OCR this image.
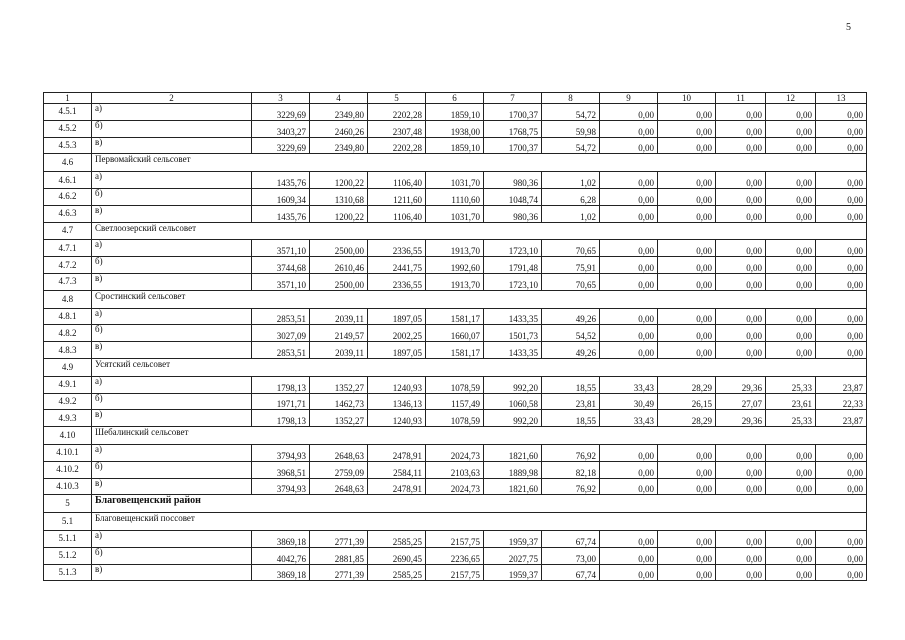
5
1	2	3	4	5	6	7	8	9	10	11	12	13
4.5.1	а)	3229,69	2349,80	2202,28	1859,10	1700,37	54,72	0,00	0,00	0,00	0,00	0,00
4.5.2	б)	3403,27	2460,26	2307,48	1938,00	1768,75	59,98	0,00	0,00	0,00	0,00	0,00
4.5.3	в)	3229,69	2349,80	2202,28	1859,10	1700,37	54,72	0,00	0,00	0,00	0,00	0,00
4.6	Первомайский сельсовет											
4.6.1	а)	1435,76	1200,22	1106,40	1031,70	980,36	1,02	0,00	0,00	0,00	0,00	0,00
4.6.2	б)	1609,34	1310,68	1211,60	1110,60	1048,74	6,28	0,00	0,00	0,00	0,00	0,00
4.6.3	в)	1435,76	1200,22	1106,40	1031,70	980,36	1,02	0,00	0,00	0,00	0,00	0,00
4.7	Светлоозерский сельсовет											
4.7.1	а)	3571,10	2500,00	2336,55	1913,70	1723,10	70,65	0,00	0,00	0,00	0,00	0,00
4.7.2	б)	3744,68	2610,46	2441,75	1992,60	1791,48	75,91	0,00	0,00	0,00	0,00	0,00
4.7.3	в)	3571,10	2500,00	2336,55	1913,70	1723,10	70,65	0,00	0,00	0,00	0,00	0,00
4.8	Сростинский сельсовет											
4.8.1	а)	2853,51	2039,11	1897,05	1581,17	1433,35	49,26	0,00	0,00	0,00	0,00	0,00
4.8.2	б)	3027,09	2149,57	2002,25	1660,07	1501,73	54,52	0,00	0,00	0,00	0,00	0,00
4.8.3	в)	2853,51	2039,11	1897,05	1581,17	1433,35	49,26	0,00	0,00	0,00	0,00	0,00
4.9	Усятский сельсовет											
4.9.1	а)	1798,13	1352,27	1240,93	1078,59	992,20	18,55	33,43	28,29	29,36	25,33	23,87
4.9.2	б)	1971,71	1462,73	1346,13	1157,49	1060,58	23,81	30,49	26,15	27,07	23,61	22,33
4.9.3	в)	1798,13	1352,27	1240,93	1078,59	992,20	18,55	33,43	28,29	29,36	25,33	23,87
4.10	Шебалинский сельсовет											
4.10.1	а)	3794,93	2648,63	2478,91	2024,73	1821,60	76,92	0,00	0,00	0,00	0,00	0,00
4.10.2	б)	3968,51	2759,09	2584,11	2103,63	1889,98	82,18	0,00	0,00	0,00	0,00	0,00
4.10.3	в)	3794,93	2648,63	2478,91	2024,73	1821,60	76,92	0,00	0,00	0,00	0,00	0,00
5	Благовещенский район											
5.1	Благовещенский поссовет											
5.1.1	а)	3869,18	2771,39	2585,25	2157,75	1959,37	67,74	0,00	0,00	0,00	0,00	0,00
5.1.2	б)	4042,76	2881,85	2690,45	2236,65	2027,75	73,00	0,00	0,00	0,00	0,00	0,00
5.1.3	в)	3869,18	2771,39	2585,25	2157,75	1959,37	67,74	0,00	0,00	0,00	0,00	0,00
